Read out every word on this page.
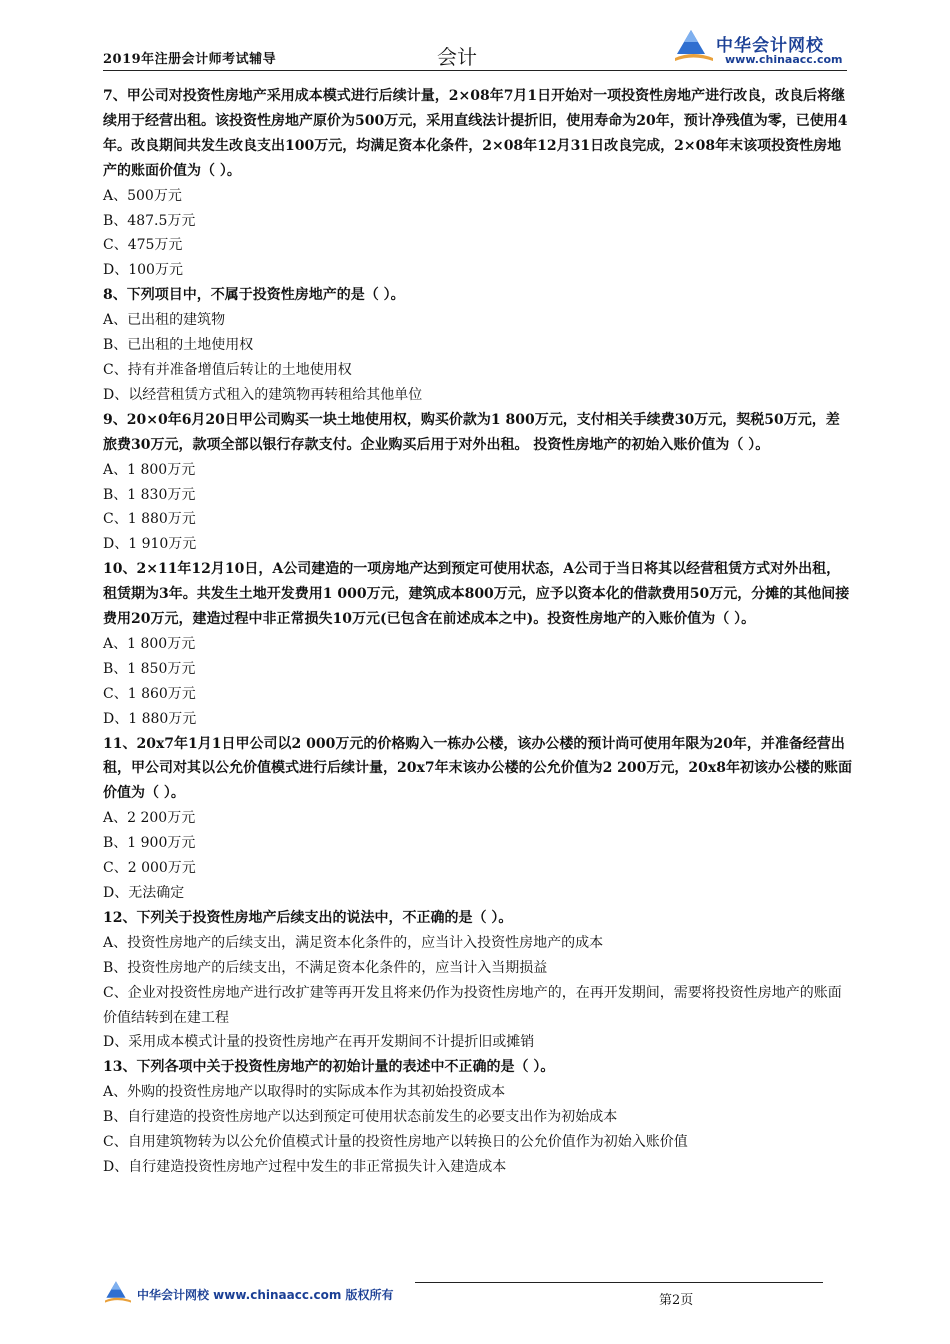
2019年注册会计师考试辅导	会计	中华会计网校
www.chinaacc.com

7、甲公司对投资性房地产采用成本模式进行后续计量，2×08年7月1日开始对一项投资性房地产进行改良，改良后将继续用于经营出租。该投资性房地产原价为500万元，采用直线法计提折旧，使用寿命为20年，预计净残值为零，已使用4年。改良期间共发生改良支出100万元，均满足资本化条件，2×08年12月31日改良完成，2×08年末该项投资性房地产的账面价值为（ ）。

A、500万元

B、487.5万元

C、475万元

D、100万元

8、下列项目中，不属于投资性房地产的是（ ）。

A、已出租的建筑物

B、已出租的土地使用权

C、持有并准备增值后转让的土地使用权

D、以经营租赁方式租入的建筑物再转租给其他单位

9、20×0年6月20日甲公司购买一块土地使用权，购买价款为1 800万元，支付相关手续费30万元，契税50万元，差旅费30万元，款项全部以银行存款支付。企业购买后用于对外出租。 投资性房地产的初始入账价值为（ ）。

A、1 800万元

B、1 830万元

C、1 880万元

D、1 910万元

10、2×11年12月10日，A公司建造的一项房地产达到预定可使用状态，A公司于当日将其以经营租赁方式对外出租，租赁期为3年。共发生土地开发费用1 000万元，建筑成本800万元，应予以资本化的借款费用50万元，分摊的其他间接费用20万元，建造过程中非正常损失10万元(已包含在前述成本之中)。投资性房地产的入账价值为（ ）。

A、1 800万元

B、1 850万元

C、1 860万元

D、1 880万元

11、20x7年1月1日甲公司以2 000万元的价格购入一栋办公楼，该办公楼的预计尚可使用年限为20年，并准备经营出租，甲公司对其以公允价值模式进行后续计量，20x7年末该办公楼的公允价值为2 200万元，20x8年初该办公楼的账面价值为（ ）。

A、2 200万元

B、1 900万元

C、2 000万元

D、无法确定

12、下列关于投资性房地产后续支出的说法中，不正确的是（ ）。

A、投资性房地产的后续支出，满足资本化条件的，应当计入投资性房地产的成本

B、投资性房地产的后续支出，不满足资本化条件的，应当计入当期损益

C、企业对投资性房地产进行改扩建等再开发且将来仍作为投资性房地产的，在再开发期间，需要将投资性房地产的账面价值结转到在建工程

D、采用成本模式计量的投资性房地产在再开发期间不计提折旧或摊销

13、下列各项中关于投资性房地产的初始计量的表述中不正确的是（ ）。

A、外购的投资性房地产以取得时的实际成本作为其初始投资成本

B、自行建造的投资性房地产以达到预定可使用状态前发生的必要支出作为初始成本

C、自用建筑物转为以公允价值模式计量的投资性房地产以转换日的公允价值作为初始入账价值

D、自行建造投资性房地产过程中发生的非正常损失计入建造成本

中华会计网校 www.chinaacc.com 版权所有	第2页
